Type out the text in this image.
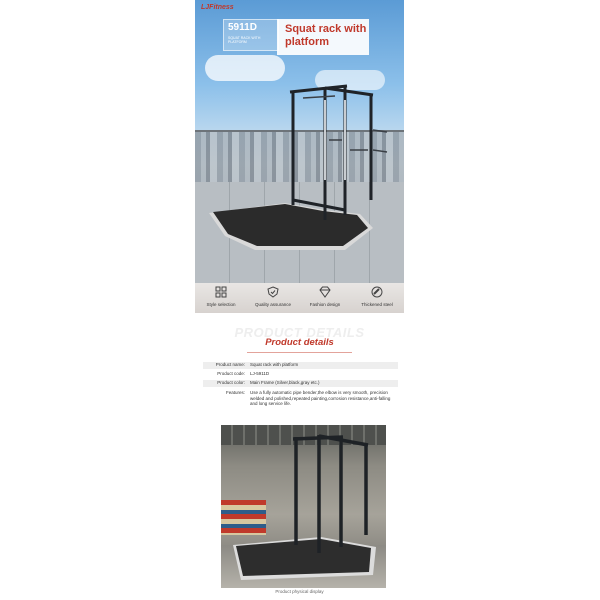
LJFitness
5911D
SQUAT RACK WITH PLATFORM
Squat rack with platform
Style selection	Quality assurance	Fashion design	Thickened steel
PRODUCT DETAILS
Product details
Product name: Squat rack with platform
Product code: LJ-5911D
Product color: Main Frame (Silver,black,gray etc.)
Features: Use a fully automatic pipe bender,the elbow is very smooth, precision welded and polished,repeated painting,corrosion resistance,anti-falling and long service life.
Product physical display
